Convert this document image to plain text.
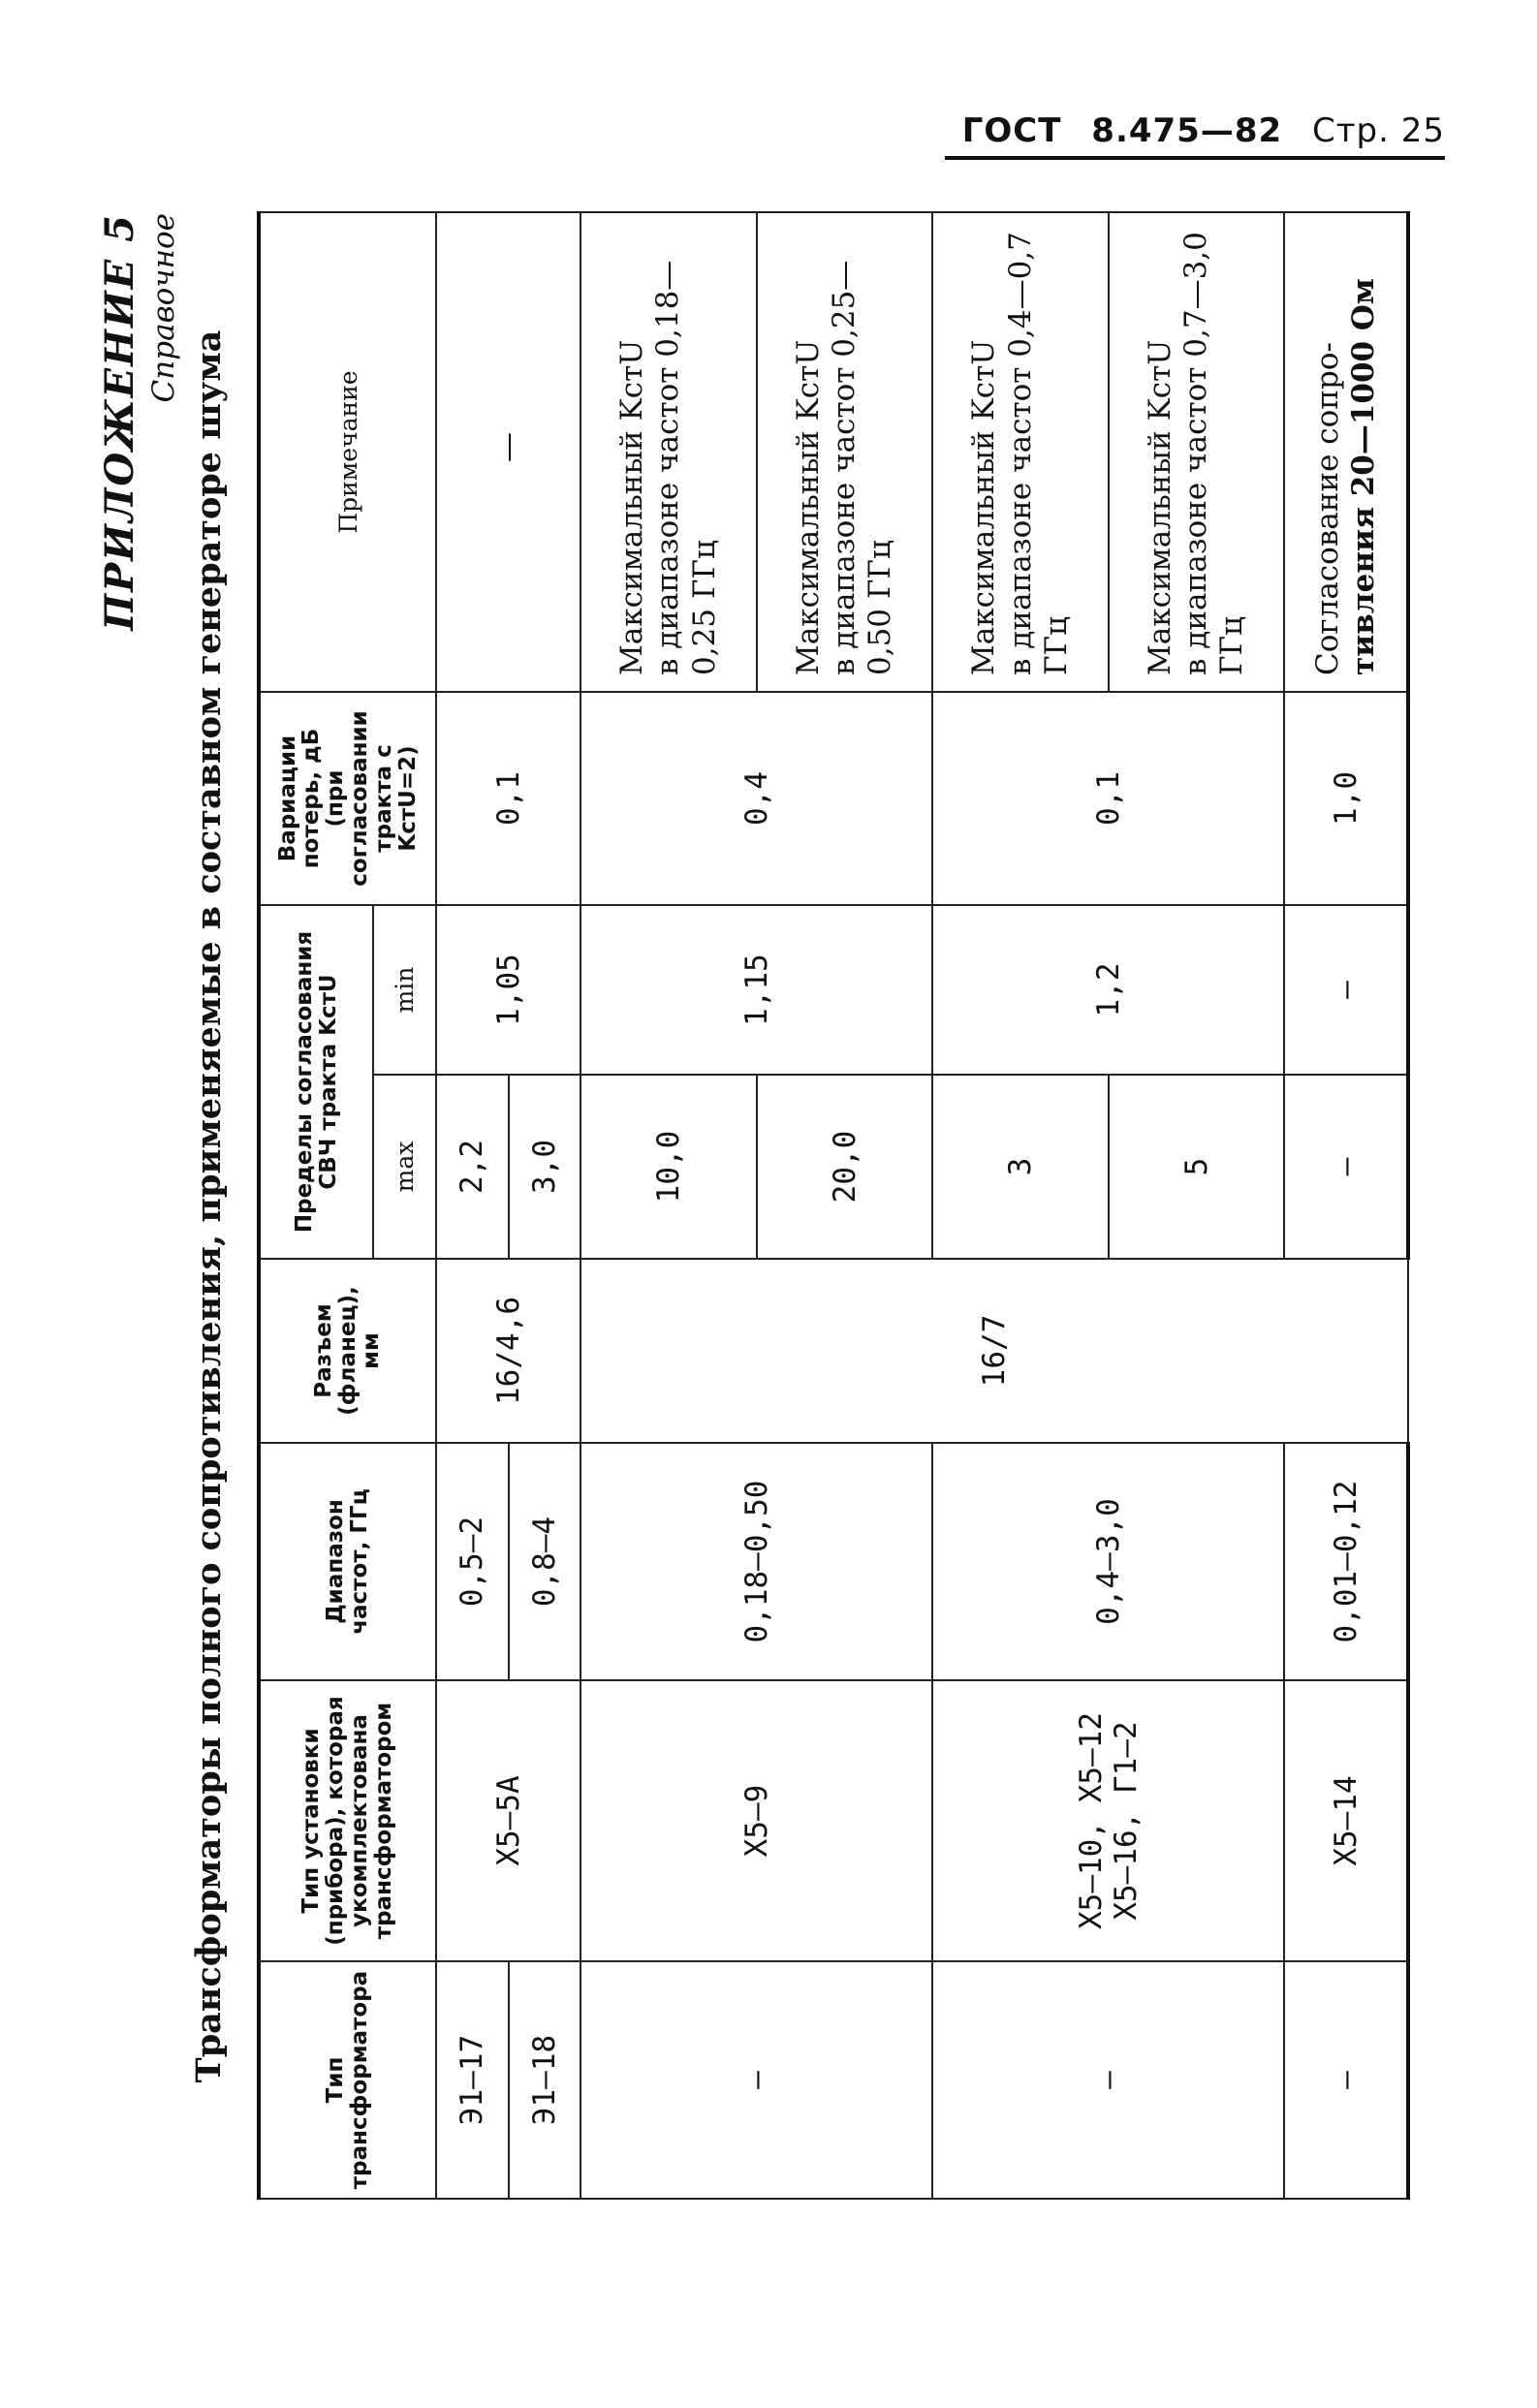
ГОСТ 8.475—82 Стр. 25
ПРИЛОЖЕНИЕ 5 Справочное
Трансформаторы полного сопротивления, применяемые в составном генераторе шума	Тип трансформатора	Тип установки (прибора), которая укомплектована трансформатором	Диапазон частот, ГГц	Разъем (фланец), мм	Пределы согласования СВЧ тракта KстU		Вариации потерь, дБ (при согласовании тракта с KстU=2)	Примечание
				max	min		
Э1—17	Х5—5А	0,5—2	16/4,6	2,2	1,05	0,1	—
Э1—18		0,8—4		3,0			
—	Х5—9	0,18—0,50	16/7	10,0	1,15	0,4	Максимальный KстU в диапазоне частот 0,18—0,25 ГГц

				20,0			Максимальный KстU в диапазоне частот 0,25—0,50 ГГц

—	Х5—10, Х5—12 Х5—16, Г1—2	0,4—3,0		3	1,2	0,1	Максимальный KстU в диапазоне частот 0,4—0,7 ГГц

				5			Максимальный KстU в диапазоне частот 0,7—3,0 ГГц

—	Х5—14	0,01—0,12		—	—	1,0	Согласование сопро- тивления 20—1000 Ом
